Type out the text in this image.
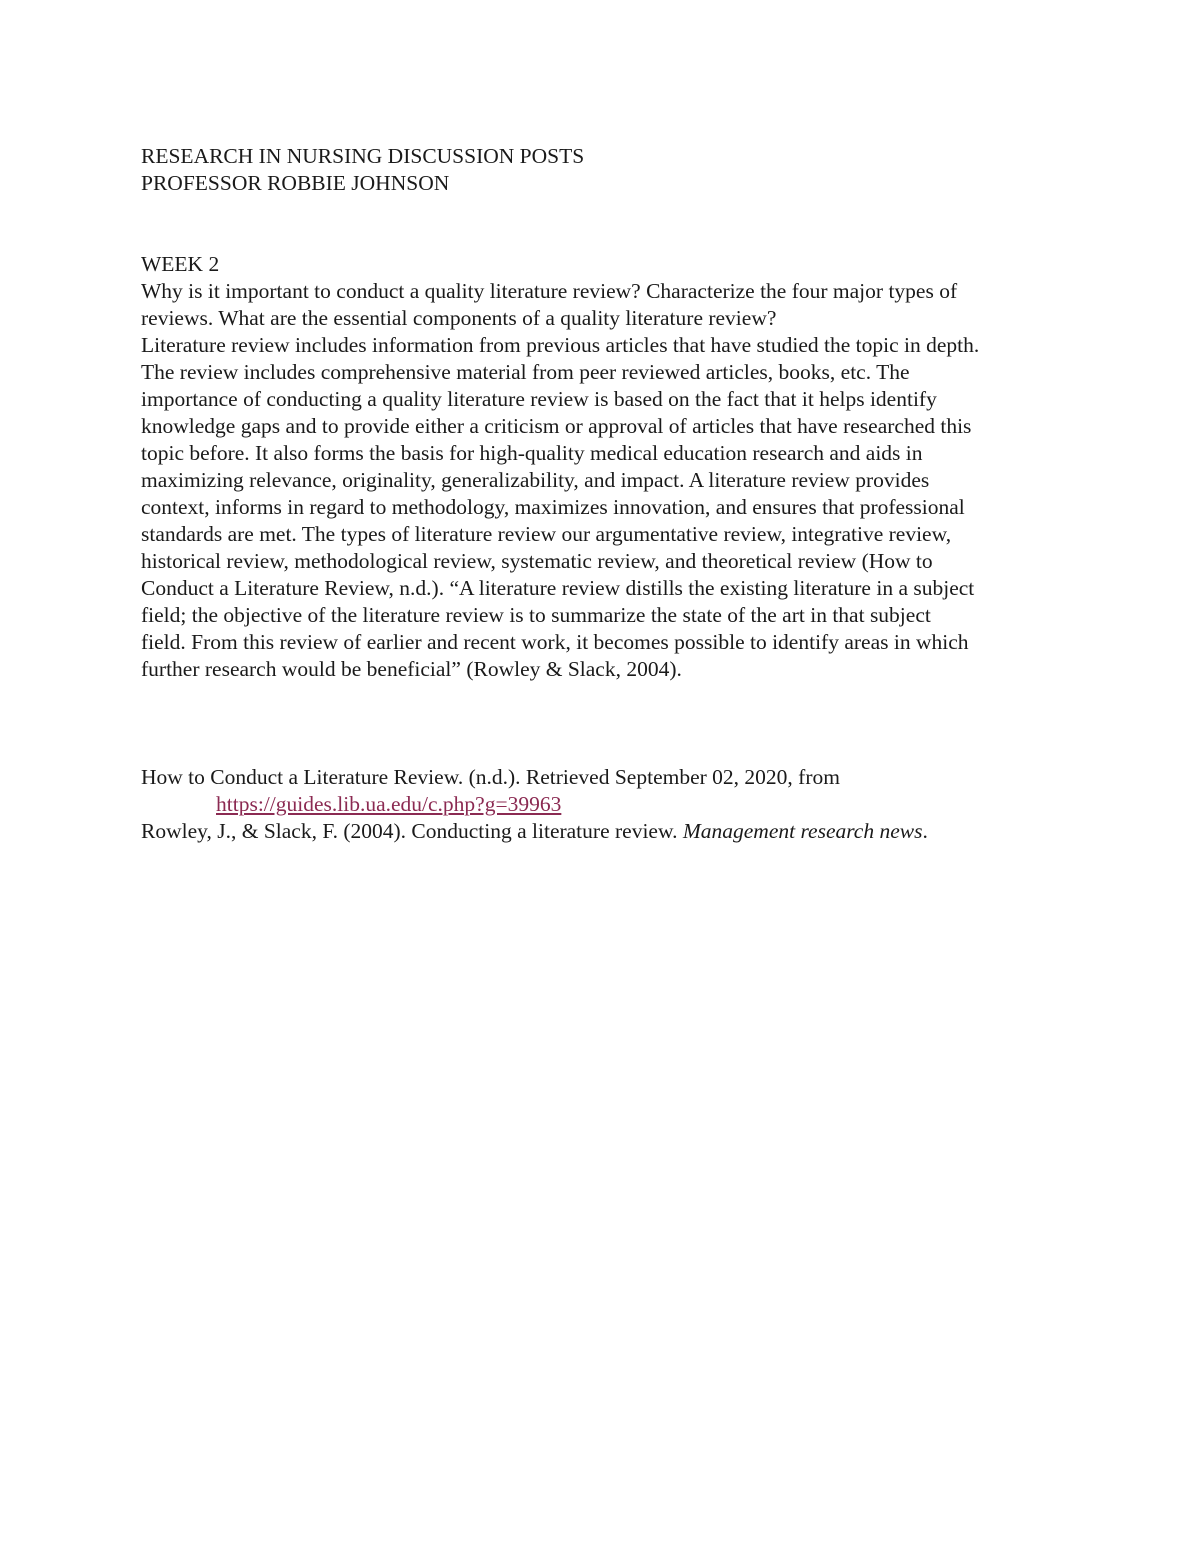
RESEARCH IN NURSING DISCUSSION POSTS
PROFESSOR ROBBIE JOHNSON
WEEK 2
Why is it important to conduct a quality literature review? Characterize the four major types of
reviews. What are the essential components of a quality literature review?
Literature review includes information from previous articles that have studied the topic in depth.
The review includes comprehensive material from peer reviewed articles, books, etc. The
importance of conducting a quality literature review is based on the fact that it helps identify
knowledge gaps and to provide either a criticism or approval of articles that have researched this
topic before. It also forms the basis for high-quality medical education research and aids in
maximizing relevance, originality, generalizability, and impact. A literature review provides
context, informs in regard to methodology, maximizes innovation, and ensures that professional
standards are met. The types of literature review our argumentative review, integrative review,
historical review, methodological review, systematic review, and theoretical review (How to
Conduct a Literature Review, n.d.). “A literature review distills the existing literature in a subject
field; the objective of the literature review is to summarize the state of the art in that subject
field. From this review of earlier and recent work, it becomes possible to identify areas in which
further research would be beneficial” (Rowley & Slack, 2004).
How to Conduct a Literature Review. (n.d.). Retrieved September 02, 2020, from
https://guides.lib.ua.edu/c.php?g=39963
Rowley, J., & Slack, F. (2004). Conducting a literature review. Management research news.
